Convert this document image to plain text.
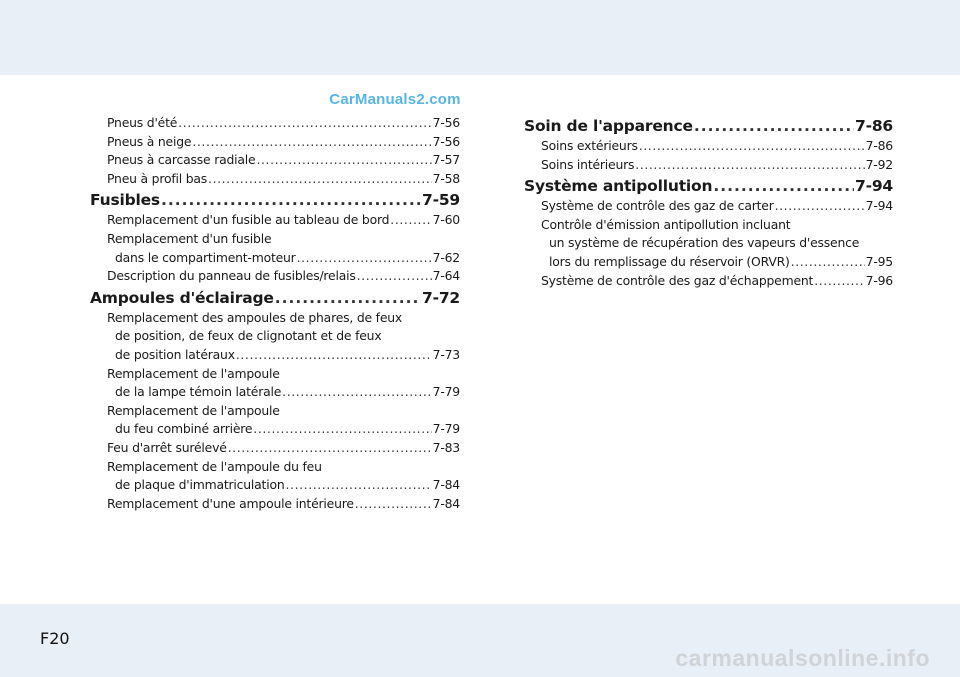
CarManuals2.com
Pneus d'été .....	7-56
Pneus à neige .....	7-56
Pneus à carcasse radiale .....	7-57
Pneu à profil bas .....	7-58
Fusibles .....	7-59
Remplacement d'un fusible au tableau de bord .....	7-60
Remplacement d'un fusible
dans le compartiment-moteur .....	7-62
Description du panneau de fusibles/relais .....	7-64
Ampoules d'éclairage .....	7-72
Remplacement des ampoules de phares, de feux
de position, de feux de clignotant et de feux
de position latéraux .....	7-73
Remplacement de l'ampoule
de la lampe témoin latérale .....	7-79
Remplacement de l'ampoule
du feu combiné arrière .....	7-79
Feu d'arrêt surélevé .....	7-83
Remplacement de l'ampoule du feu
de plaque d'immatriculation .....	7-84
Remplacement d'une ampoule intérieure .....	7-84
Soin de l'apparence .....	7-86
Soins extérieurs .....	7-86
Soins intérieurs .....	7-92
Système antipollution .....	7-94
Système de contrôle des gaz de carter .....	7-94
Contrôle d'émission antipollution incluant
un système de récupération des vapeurs d'essence
lors du remplissage du réservoir (ORVR) .....	7-95
Système de contrôle des gaz d'échappement .....	7-96
F20
carmanualsonline.info
